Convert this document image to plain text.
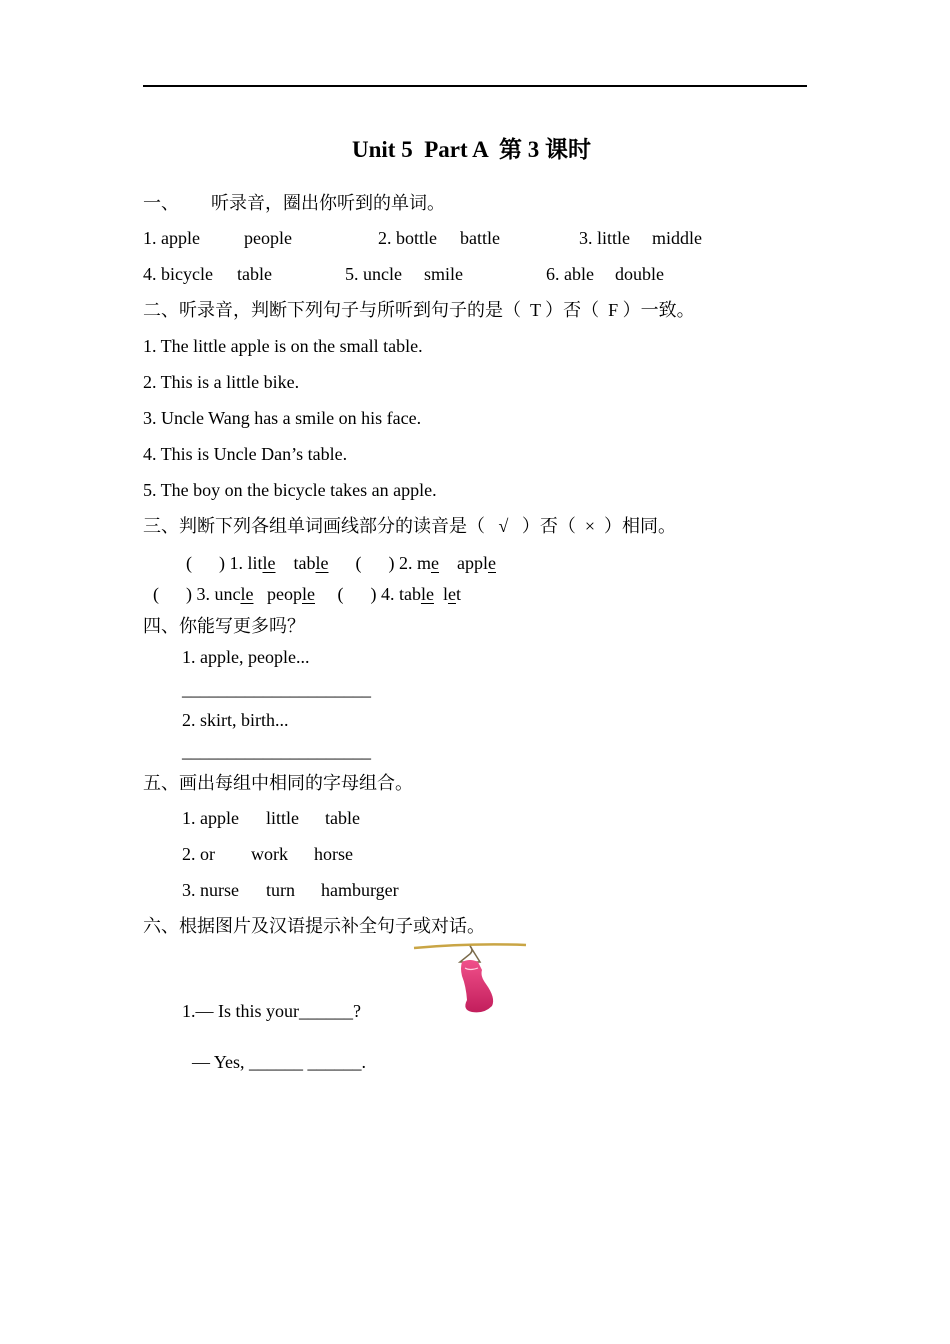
Unit 5  Part A  第 3 课时
一、 听录音，圈出你听到的单词。
1. apple people	2. bottle battle	3. little middle
4. bicycle table	5. uncle smile	6. able double
二、听录音，判断下列句子与所听到句子的是（  T ）否（  F ）一致。
1. The little apple is on the small table.
2. This is a little bike.
3. Uncle Wang has a smile on his face.
4. This is Uncle Dan’s table.
5. The boy on the bicycle takes an apple.
三、判断下列各组单词画线部分的读音是（   √   ）否（  ×  ）相同。
(      ) 1. litle    table      (      ) 2. me    apple
(      ) 3. uncle   people     (      ) 4. table  let
四、你能写更多吗？
1. apple, people...
_____________________
2. skirt, birth...
_____________________
五、画出每组中相同的字母组合。
1. apple little table
2. or work horse
3. nurse turn hamburger
六、根据图片及汉语提示补全句子或对话。
1.— Is this your______?
— Yes, ______ ______.
